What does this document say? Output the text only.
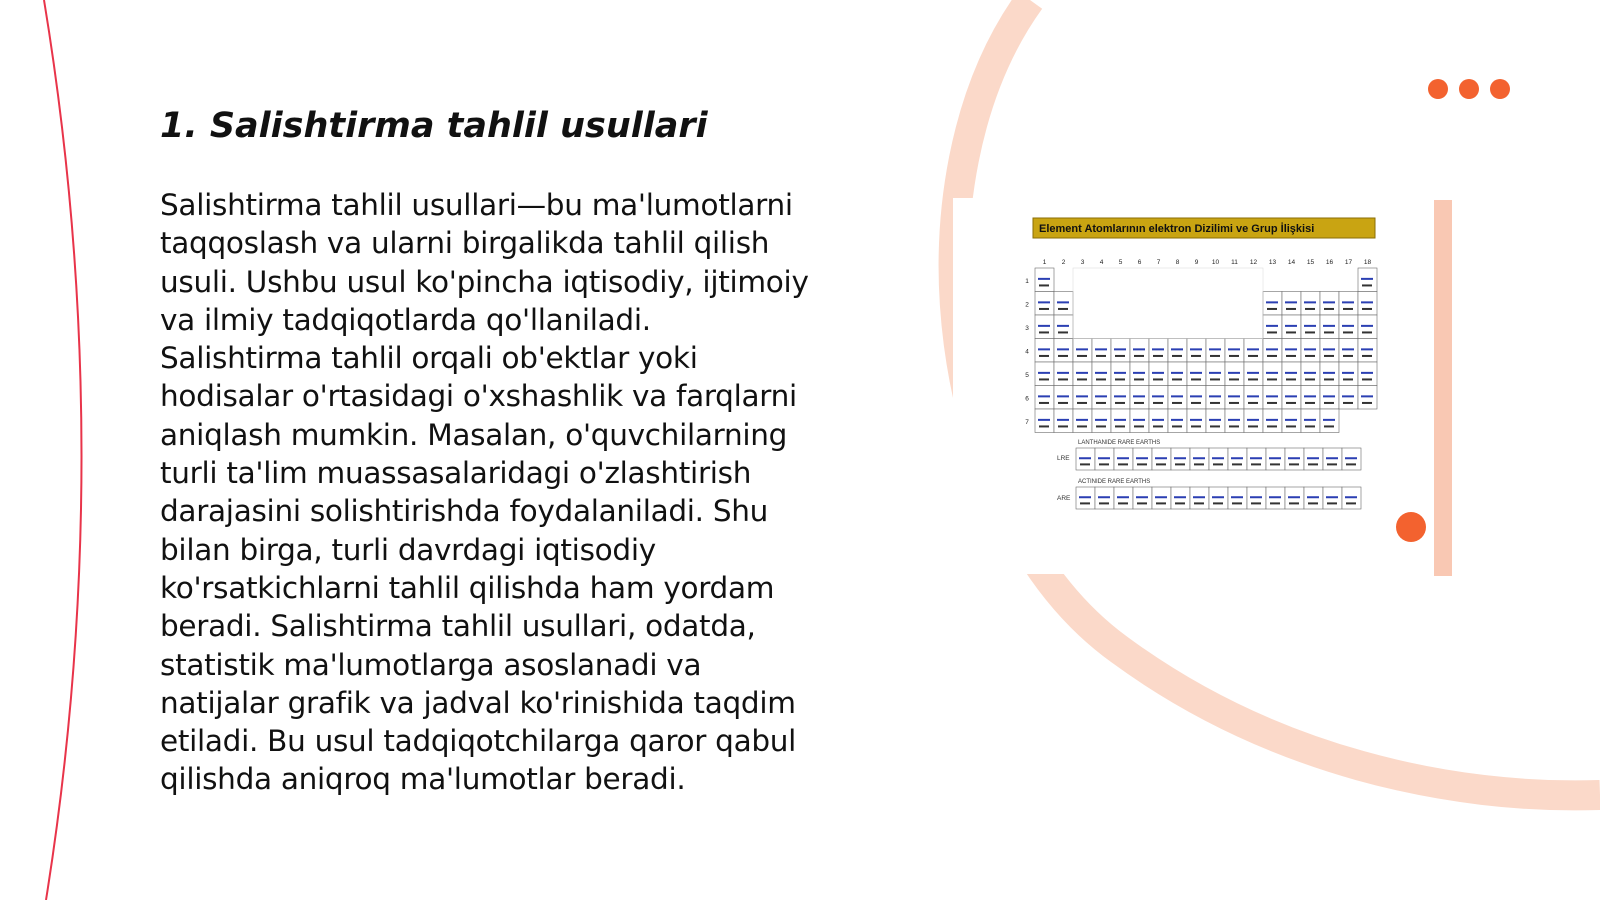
1. Salishtirma tahlil usullari
Salishtirma tahlil usullari—bu ma'lumotlarni
taqqoslash va ularni birgalikda tahlil qilish
usuli. Ushbu usul ko'pincha iqtisodiy, ijtimoiy
va ilmiy tadqiqotlarda qo'llaniladi.
Salishtirma tahlil orqali ob'ektlar yoki
hodisalar o'rtasidagi o'xshashlik va farqlarni
aniqlash mumkin. Masalan, o'quvchilarning
turli ta'lim muassasalaridagi o'zlashtirish
darajasini solishtirishda foydalaniladi. Shu
bilan birga, turli davrdagi iqtisodiy
ko'rsatkichlarni tahlil qilishda ham yordam
beradi. Salishtirma tahlil usullari, odatda,
statistik ma'lumotlarga asoslanadi va
natijalar grafik va jadval ko'rinishida taqdim
etiladi. Bu usul tadqiqotchilarga qaror qabul
qilishda aniqroq ma'lumotlar beradi.
Element Atomlarının elektron Dizilimi ve Grup İlişkisi
1 2 3 4 5 6 7 8 9 10 11 12 13 14 15 16 17 18
1
2
3
4
5
6
7
LANTHANIDE RARE EARTHS
LRE
ACTINIDE RARE EARTHS
ARE
